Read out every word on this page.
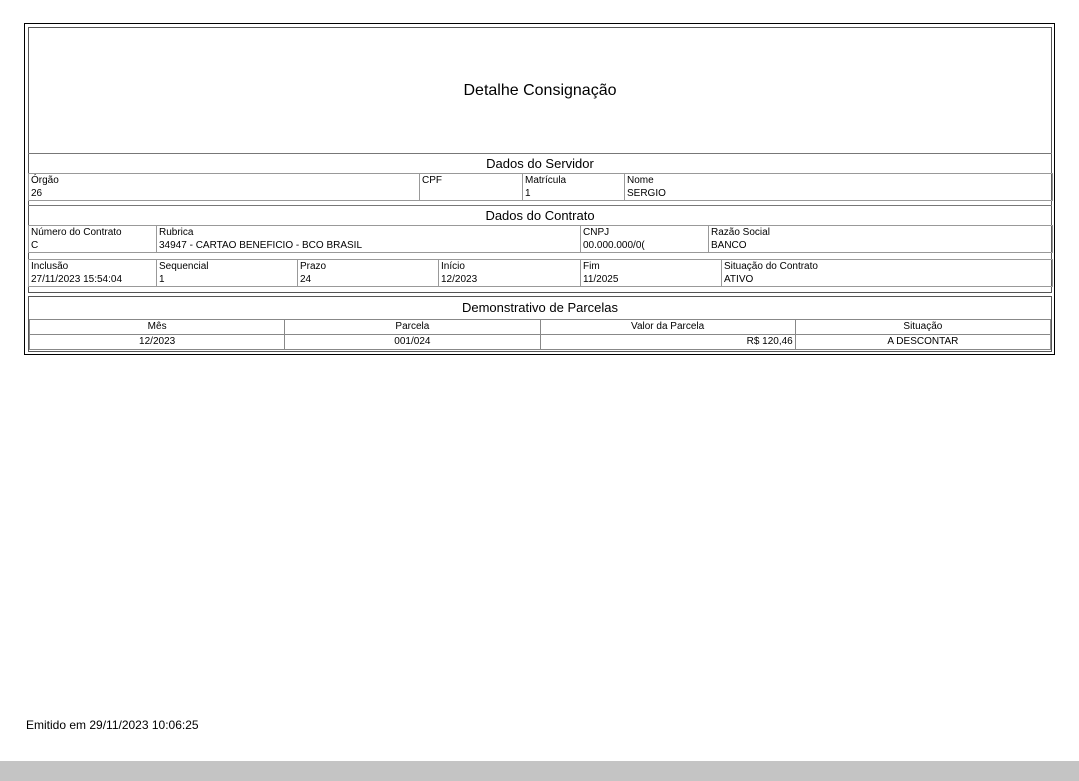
Detalhe Consignação
Dados do Servidor
Órgão	CPF	Matrícula	Nome
26		1	SERGIO
Dados do Contrato
Número do Contrato	Rubrica	CNPJ	Razão Social
C	34947 - CARTAO BENEFICIO - BCO BRASIL	00.000.000/0(	BANCO
Inclusão	Sequencial	Prazo	Início	Fim	Situação do Contrato
27/11/2023 15:54:04	1	24	12/2023	11/2025	ATIVO
Demonstrativo de Parcelas
Mês	Parcela	Valor da Parcela	Situação
12/2023	001/024	R$ 120,46	A DESCONTAR
Emitido em 29/11/2023 10:06:25
